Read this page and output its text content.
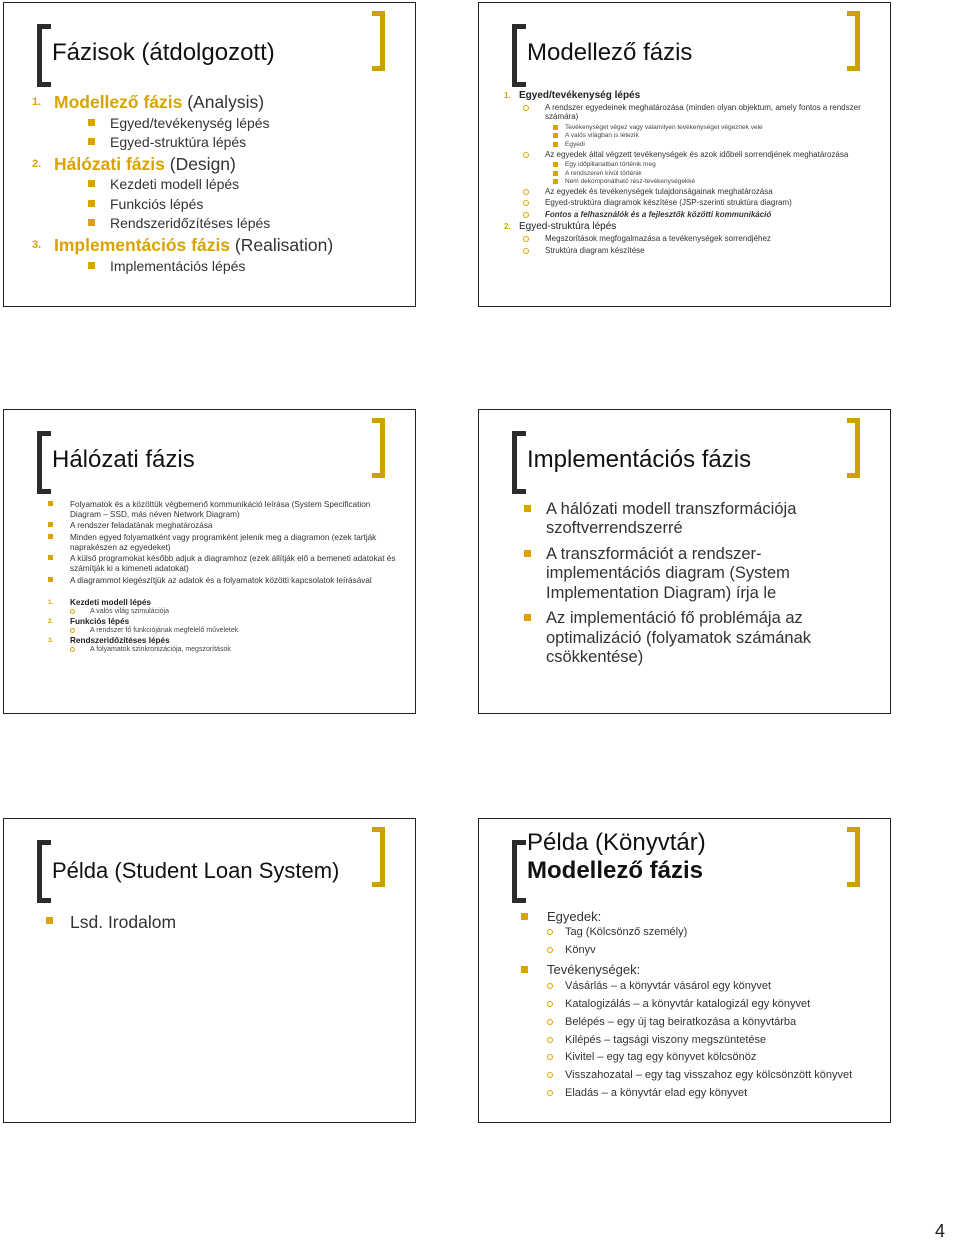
Fázisok (átdolgozott)
1. Modellező fázis (Analysis)
Egyed/tevékenység lépés
Egyed-struktúra lépés
2. Hálózati fázis (Design)
Kezdeti modell lépés
Funkciós lépés
Rendszeridőzítéses lépés
3. Implementációs fázis (Realisation)
Implementációs lépés
Modellező fázis
1. Egyed/tevékenység lépés
A rendszer egyedeinek meghatározása (minden olyan objektum, amely fontos a rendszer számára)
Tevékenységet végez vagy valamilyen tevékenységet végeznek vele
A valós világban is létezik
Egyedi
Az egyedek által végzett tevékenységek és azok időbeli sorrendjének meghatározása
Egy időpillanatban történik meg
A rendszeren kívül történik
Nem dekomponálható rész-tevékenységekké
Az egyedek és tevékenységek tulajdonságainak meghatározása
Egyed-struktúra diagramok készítése (JSP-szerinti struktúra diagram)
Fontos a felhasználók és a fejlesztők közötti kommunikáció
2. Egyed-struktúra lépés
Megszorítások megfogalmazása a tevékenységek sorrendjéhez
Struktúra diagram készítése
Hálózati fázis
Folyamatok és a közöttük végbemenő kommunikáció leírása (System Specification Diagram – SSD, más néven Network Diagram)
A rendszer feladatának meghatározása
Minden egyed folyamatként vagy programként jelenik meg a diagramon (ezek tartják naprakészen az egyedeket)
A külső programokat később adjuk a diagramhoz (ezek állítják elő a bemeneti adatokat és számítják ki a kimeneti adatokat)
A diagrammot kiegészítjük az adatok és a folyamatok közötti kapcsolatok leírásával
1. Kezdeti modell lépés
A valós világ szimulációja
2. Funkciós lépés
A rendszer fő funkciójának megfelelő műveletek
3. Rendszeridőzítéses lépés
A folyamatok szinkronizációja, megszorítások
Implementációs fázis
A hálózati modell transzformációja szoftverrendszerré
A transzformációt a rendszer-implementációs diagram (System Implementation Diagram) írja le
Az implementáció fő problémája az optimalizáció (folyamatok számának csökkentése)
Példa (Student Loan System)
Lsd. Irodalom
Példa (Könyvtár)
Modellező fázis
Egyedek:
Tag (Kölcsönző személy)
Könyv
Tevékenységek:
Vásárlás – a könyvtár vásárol egy könyvet
Katalogizálás – a könyvtár katalogizál egy könyvet
Belépés – egy új tag beiratkozása a könyvtárba
Kilépés – tagsági viszony megszüntetése
Kivitel – egy tag egy könyvet kölcsönöz
Visszahozatal – egy tag visszahoz egy kölcsönzött könyvet
Eladás – a könyvtár elad egy könyvet
4
